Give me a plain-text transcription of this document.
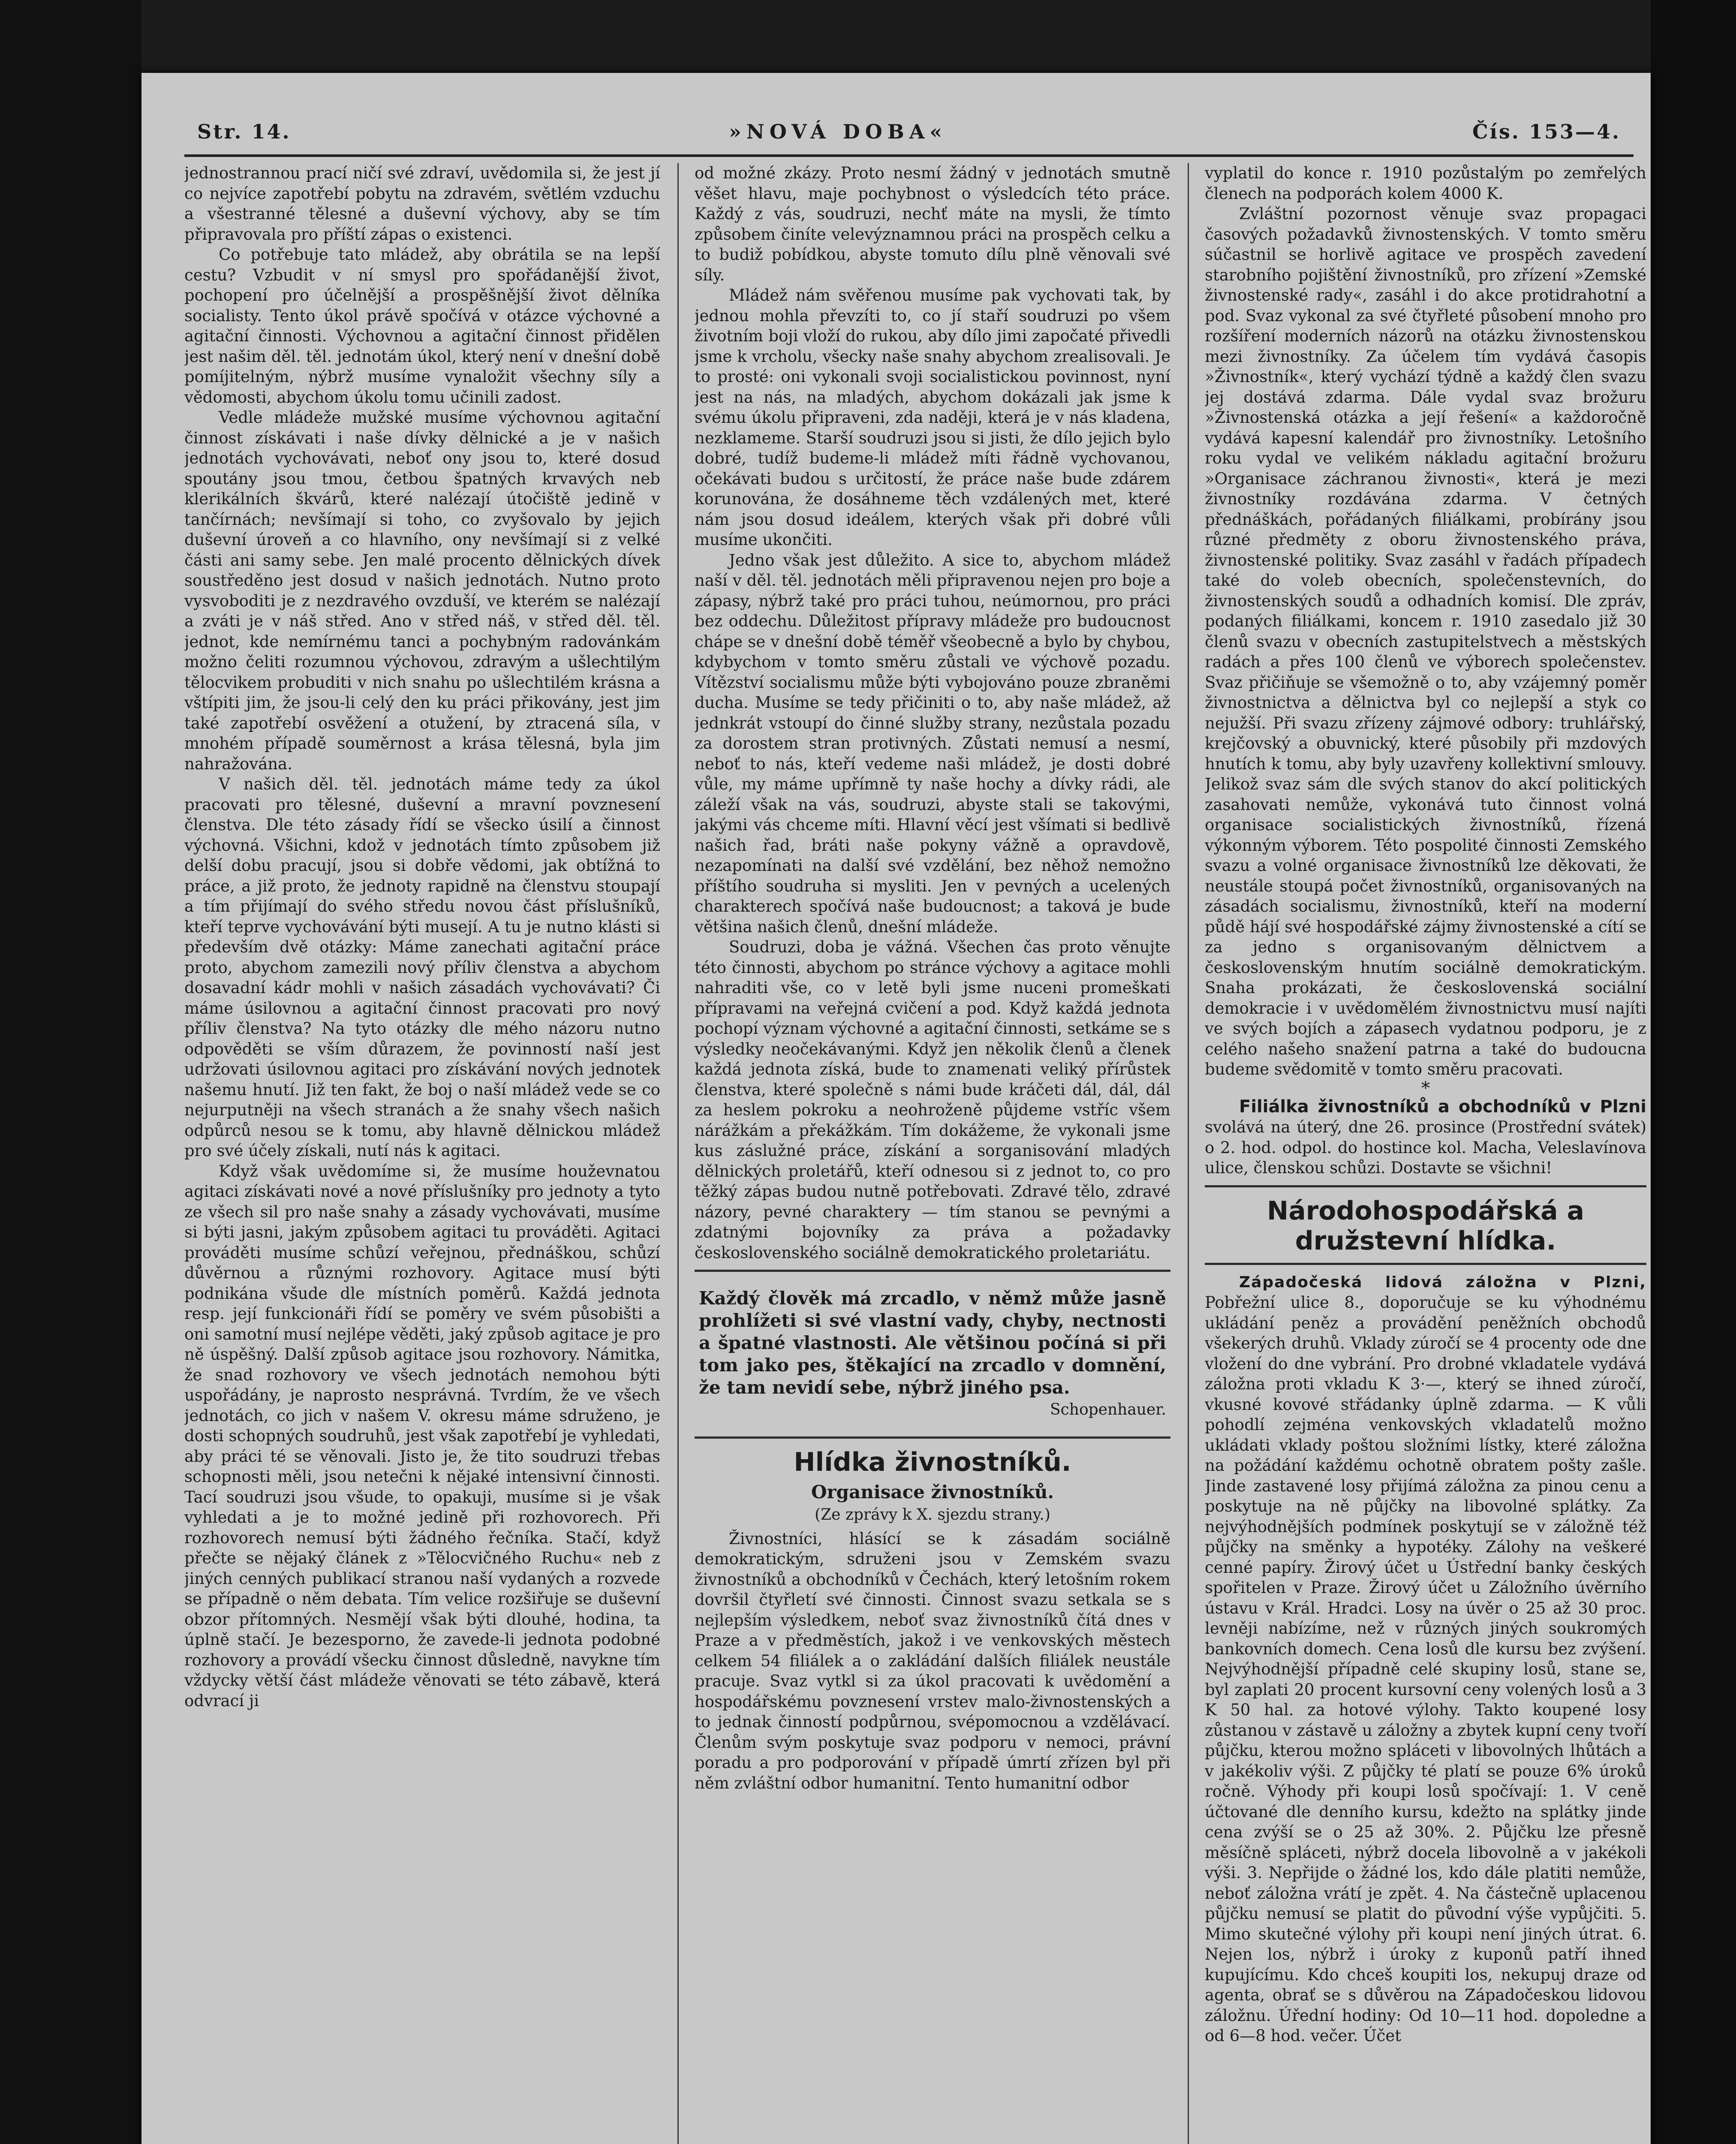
Str. 14.	»NOVÁ DOBA«	Čís. 153—4.

jednostrannou prací ničí své zdraví, uvědomila si, že jest jí co nejvíce zapotřebí pobytu na zdravém, světlém vzduchu a všestranné tělesné a duševní výchovy, aby se tím připravovala pro příští zápas o existenci.

Co potřebuje tato mládež, aby obrátila se na lepší cestu? Vzbudit v ní smysl pro spořádanější život, pochopení pro účelnější a prospěšnější život dělníka socialisty. Tento úkol právě spočívá v otázce výchovné a agitační činnosti. Výchovnou a agitační činnost přidělen jest našim děl. těl. jednotám úkol, který není v dnešní době pomíjitelným, nýbrž musíme vynaložit všechny síly a vědomosti, abychom úkolu tomu učinili zadost.

Vedle mládeže mužské musíme výchovnou agitační činnost získávati i naše dívky dělnické a je v našich jednotách vychovávati, neboť ony jsou to, které dosud spoutány jsou tmou, četbou špatných krvavých neb klerikálních škvárů, které nalézají útočiště jedině v tančírnách; nevšímají si toho, co zvyšovalo by jejich duševní úroveň a co hlavního, ony nevšímají si z velké části ani samy sebe. Jen malé procento dělnických dívek soustředěno jest dosud v našich jednotách. Nutno proto vysvoboditi je z nezdravého ovzduší, ve kterém se nalézají a zváti je v náš střed. Ano v střed náš, v střed děl. těl. jednot, kde nemírnému tanci a pochybným radovánkám možno čeliti rozumnou výchovou, zdravým a ušlechtilým tělocvikem probuditi v nich snahu po ušlechtilém krásna a vštípiti jim, že jsou-li celý den ku práci přikovány, jest jim také zapotřebí osvěžení a otužení, by ztracená síla, v mnohém případě souměrnost a krása tělesná, byla jim nahražována.

V našich děl. těl. jednotách máme tedy za úkol pracovati pro tělesné, duševní a mravní povznesení členstva. Dle této zásady řídí se všecko úsilí a činnost výchovná. Všichni, kdož v jednotách tímto způsobem již delší dobu pracují, jsou si dobře vědomi, jak obtížná to práce, a již proto, že jednoty rapidně na členstvu stoupají a tím přijímají do svého středu novou část příslušníků, kteří teprve vychovávání býti musejí. A tu je nutno klásti si především dvě otázky: Máme zanechati agitační práce proto, abychom zamezili nový příliv členstva a abychom dosavadní kádr mohli v našich zásadách vychovávati? Či máme úsilovnou a agitační činnost pracovati pro nový příliv členstva? Na tyto otázky dle mého názoru nutno odpověděti se vším důrazem, že povinností naší jest udržovati úsilovnou agitaci pro získávání nových jednotek našemu hnutí. Již ten fakt, že boj o naší mládež vede se co nejurputněji na všech stranách a že snahy všech našich odpůrců nesou se k tomu, aby hlavně dělnickou mládež pro své účely získali, nutí nás k agitaci.

Když však uvědomíme si, že musíme houževnatou agitaci získávati nové a nové příslušníky pro jednoty a tyto ze všech sil pro naše snahy a zásady vychovávati, musíme si býti jasni, jakým způsobem agitaci tu prováděti. Agitaci prováděti musíme schůzí veřejnou, přednáškou, schůzí důvěrnou a různými rozhovory. Agitace musí býti podnikána všude dle místních poměrů. Každá jednota resp. její funkcionáři řídí se poměry ve svém působišti a oni samotní musí nejlépe věděti, jaký způsob agitace je pro ně úspěšný. Další způsob agitace jsou rozhovory. Námitka, že snad rozhovory ve všech jednotách nemohou býti uspořádány, je naprosto nesprávná. Tvrdím, že ve všech jednotách, co jich v našem V. okresu máme sdruženo, je dosti schopných soudruhů, jest však zapotřebí je vyhledati, aby práci té se věnovali. Jisto je, že tito soudruzi třebas schopnosti měli, jsou netečni k nějaké intensivní činnosti. Tací soudruzi jsou všude, to opakuji, musíme si je však vyhledati a je to možné jedině při rozhovorech. Při rozhovorech nemusí býti žádného řečníka. Stačí, když přečte se nějaký článek z »Tělocvičného Ruchu« neb z jiných cenných publikací stranou naší vydaných a rozvede se případně o něm debata. Tím velice rozšiřuje se duševní obzor přítomných. Nesmějí však býti dlouhé, hodina, ta úplně stačí. Je bezesporno, že zavede-li jednota podobné rozhovory a provádí všecku činnost důsledně, navykne tím vždycky větší část mládeže věnovati se této zábavě, která odvrací ji

od možné zkázy. Proto nesmí žádný v jednotách smutně věšet hlavu, maje pochybnost o výsledcích této práce. Každý z vás, soudruzi, nechť máte na mysli, že tímto způsobem činíte velevýznamnou práci na prospěch celku a to budiž pobídkou, abyste tomuto dílu plně věnovali své síly.

Mládež nám svěřenou musíme pak vychovati tak, by jednou mohla převzíti to, co jí staří soudruzi po všem životním boji vloží do rukou, aby dílo jimi započaté přivedli jsme k vrcholu, všecky naše snahy abychom zrealisovali. Je to prosté: oni vykonali svoji socialistickou povinnost, nyní jest na nás, na mladých, abychom dokázali jak jsme k svému úkolu připraveni, zda naději, která je v nás kladena, nezklameme. Starší soudruzi jsou si jisti, že dílo jejich bylo dobré, tudíž budeme-li mládež míti řádně vychovanou, očekávati budou s určitostí, že práce naše bude zdárem korunována, že dosáhneme těch vzdálených met, které nám jsou dosud ideálem, kterých však při dobré vůli musíme ukončiti.

Jedno však jest důležito. A sice to, abychom mládež naší v děl. těl. jednotách měli připravenou nejen pro boje a zápasy, nýbrž také pro práci tuhou, neúmornou, pro práci bez oddechu. Důležitost přípravy mládeže pro budoucnost chápe se v dnešní době téměř všeobecně a bylo by chybou, kdybychom v tomto směru zůstali ve výchově pozadu. Vítězství socialismu může býti vybojováno pouze zbraněmi ducha. Musíme se tedy přičiniti o to, aby naše mládež, až jednkrát vstoupí do činné služby strany, nezůstala pozadu za dorostem stran protivných. Zůstati nemusí a nesmí, neboť to nás, kteří vedeme naši mládež, je dosti dobré vůle, my máme upřímně ty naše hochy a dívky rádi, ale záleží však na vás, soudruzi, abyste stali se takovými, jakými vás chceme míti. Hlavní věcí jest všímati si bedlivě našich řad, bráti naše pokyny vážně a opravdově, nezapomínati na další své vzdělání, bez něhož nemožno příštího soudruha si mysliti. Jen v pevných a ucelených charakterech spočívá naše budoucnost; a taková je bude většina našich členů, dnešní mládeže.

Soudruzi, doba je vážná. Všechen čas proto věnujte této činnosti, abychom po stránce výchovy a agitace mohli nahraditi vše, co v letě byli jsme nuceni promeškati přípravami na veřejná cvičení a pod. Když každá jednota pochopí význam výchovné a agitační činnosti, setkáme se s výsledky neočekávanými. Když jen několik členů a členek každá jednota získá, bude to znamenati veliký přírůstek členstva, které společně s námi bude kráčeti dál, dál, dál za heslem pokroku a neohroženě půjdeme vstříc všem nárážkám a překážkám. Tím dokážeme, že vykonali jsme kus záslužné práce, získání a sorganisování mladých dělnických proletářů, kteří odnesou si z jednot to, co pro těžký zápas budou nutně potřebovati. Zdravé tělo, zdravé názory, pevné charaktery — tím stanou se pevnými a zdatnými bojovníky za práva a požadavky československého sociálně demokratického proletariátu.

Každý člověk má zrcadlo, v němž může jasně prohlížeti si své vlastní vady, chyby, nectnosti a špatné vlastnosti. Ale většinou počíná si při tom jako pes, štěkající na zrcadlo v domnění, že tam nevidí sebe, nýbrž jiného psa.
Schopenhauer.
Hlídka živnostníků.
Organisace živnostníků.
(Ze zprávy k X. sjezdu strany.)

Živnostníci, hlásící se k zásadám sociálně demokratickým, sdruženi jsou v Zemském svazu živnostníků a obchodníků v Čechách, který letošním rokem dovršil čtyřletí své činnosti. Činnost svazu setkala se s nejlepším výsledkem, neboť svaz živnostníků čítá dnes v Praze a v předměstích, jakož i ve venkovských městech celkem 54 filiálek a o zakládání dalších filiálek neustále pracuje. Svaz vytkl si za úkol pracovati k uvědomění a hospodářskému povznesení vrstev malo-živnostenských a to jednak činností podpůrnou, svépomocnou a vzdělávací. Členům svým poskytuje svaz podporu v nemoci, právní poradu a pro podporování v případě úmrtí zřízen byl při něm zvláštní odbor humanitní. Tento humanitní odbor

vyplatil do konce r. 1910 pozůstalým po zemřelých členech na podporách kolem 4000 K.

Zvláštní pozornost věnuje svaz propagaci časových požadavků živnostenských. V tomto směru súčastnil se horlivě agitace ve prospěch zavedení starobního pojištění živnostníků, pro zřízení »Zemské živnostenské rady«, zasáhl i do akce protidrahotní a pod. Svaz vykonal za své čtyřleté působení mnoho pro rozšíření moderních názorů na otázku živnostenskou mezi živnostníky. Za účelem tím vydává časopis »Živnostník«, který vychází týdně a každý člen svazu jej dostává zdarma. Dále vydal svaz brožuru »Živnostenská otázka a její řešení« a každoročně vydává kapesní kalendář pro živnostníky. Letošního roku vydal ve velikém nákladu agitační brožuru »Organisace záchranou živnosti«, která je mezi živnostníky rozdávána zdarma. V četných přednáškách, pořádaných filiálkami, probírány jsou různé předměty z oboru živnostenského práva, živnostenské politiky. Svaz zasáhl v řadách případech také do voleb obecních, společenstevních, do živnostenských soudů a odhadních komisí. Dle zpráv, podaných filiálkami, koncem r. 1910 zasedalo již 30 členů svazu v obecních zastupitelstvech a městských radách a přes 100 členů ve výborech společenstev. Svaz přičiňuje se všemožně o to, aby vzájemný poměr živnostnictva a dělnictva byl co nejlepší a styk co nejužší. Při svazu zřízeny zájmové odbory: truhlářský, krejčovský a obuvnický, které působily při mzdových hnutích k tomu, aby byly uzavřeny kollektivní smlouvy. Jelikož svaz sám dle svých stanov do akcí politických zasahovati nemůže, vykonává tuto činnost volná organisace socialistických živnostníků, řízená výkonným výborem. Této pospolité činnosti Zemského svazu a volné organisace živnostníků lze děkovati, že neustále stoupá počet živnostníků, organisovaných na zásadách socialismu, živnostníků, kteří na moderní půdě hájí své hospodářské zájmy živnostenské a cítí se za jedno s organisovaným dělnictvem a československým hnutím sociálně demokratickým. Snaha prokázati, že československá sociální demokracie i v uvědomělém živnostnictvu musí najíti ve svých bojích a zápasech vydatnou podporu, je z celého našeho snažení patrna a také do budoucna budeme svědomitě v tomto směru pracovati.

*

Filiálka živnostníků a obchodníků v Plzni svolává na úterý, dne 26. prosince (Prostřední svátek) o 2. hod. odpol. do hostince kol. Macha, Veleslavínova ulice, členskou schůzi. Dostavte se všichni!

Národohospodářská a družstevní hlídka.

Západočeská lidová záložna v Plzni, Pobřežní ulice 8., doporučuje se ku výhodnému ukládání peněz a provádění peněžních obchodů všekerých druhů. Vklady zúročí se 4 procenty ode dne vložení do dne vybrání. Pro drobné vkladatele vydává záložna proti vkladu K 3·—, který se ihned zúročí, vkusné kovové střádanky úplně zdarma. — K vůli pohodlí zejména venkovských vkladatelů možno ukládati vklady poštou složními lístky, které záložna na požádání každému ochotně obratem pošty zašle. Jinde zastavené losy přijímá záložna za pinou cenu a poskytuje na ně půjčky na libovolné splátky. Za nejvýhodnějších podmínek poskytují se v záložně též půjčky na směnky a hypotéky. Zálohy na veškeré cenné papíry. Žirový účet u Ústřední banky českých spořitelen v Praze. Žirový účet u Záložního úvěrního ústavu v Král. Hradci. Losy na úvěr o 25 až 30 proc. levněji nabízíme, než v různých jiných soukromých bankovních domech. Cena losů dle kursu bez zvýšení. Nejvýhodnější případně celé skupiny losů, stane se, byl zaplati 20 procent kursovní ceny volených losů a 3 K 50 hal. za hotové výlohy. Takto koupené losy zůstanou v zástavě u záložny a zbytek kupní ceny tvoří půjčku, kterou možno spláceti v libovolných lhůtách a v jakékoliv výši. Z půjčky té platí se pouze 6% úroků ročně. Výhody při koupi losů spočívají: 1. V ceně účtované dle denního kursu, kdežto na splátky jinde cena zvýší se o 25 až 30%. 2. Půjčku lze přesně měsíčně spláceti, nýbrž docela libovolně a v jakékoli výši. 3. Nepřijde o žádné los, kdo dále platiti nemůže, neboť záložna vrátí je zpět. 4. Na částečně uplacenou půjčku nemusí se platit do původní výše vypůjčiti. 5. Mimo skutečné výlohy při koupi není jiných útrat. 6. Nejen los, nýbrž i úroky z kuponů patří ihned kupujícímu. Kdo chceš koupiti los, nekupuj draze od agenta, obrať se s důvěrou na Západočeskou lidovou záložnu. Úřední hodiny: Od 10—11 hod. dopoledne a od 6—8 hod. večer. Účet
